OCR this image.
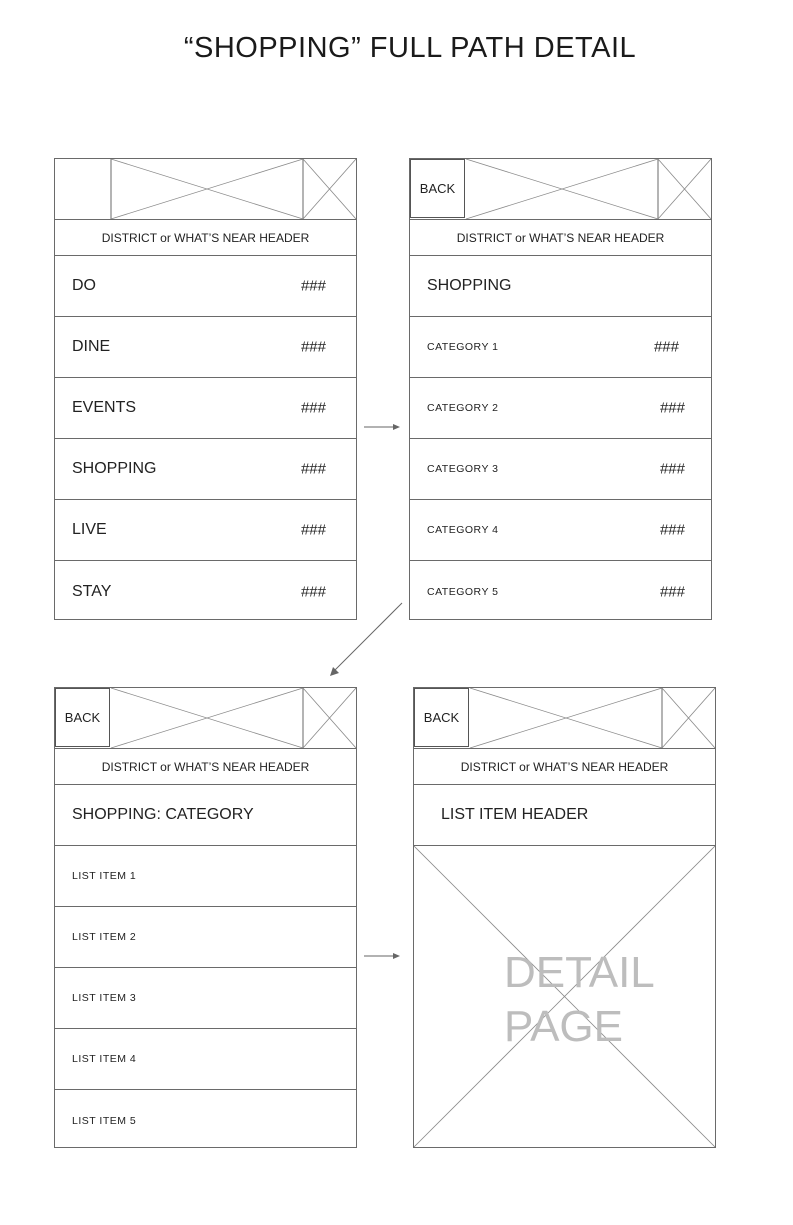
“SHOPPING” FULL PATH DETAIL
DISTRICT or WHAT’S NEAR HEADER
DO	###
DINE	###
EVENTS	###
SHOPPING	###
LIVE	###
STAY	###
BACK
DISTRICT or WHAT’S NEAR HEADER
SHOPPING
CATEGORY 1	###
CATEGORY 2	###
CATEGORY 3	###
CATEGORY 4	###
CATEGORY 5	###
BACK
DISTRICT or WHAT’S NEAR HEADER
SHOPPING: CATEGORY
LIST ITEM 1
LIST ITEM 2
LIST ITEM 3
LIST ITEM 4
LIST ITEM 5
BACK
DISTRICT or WHAT’S NEAR HEADER
LIST ITEM HEADER
DETAIL
PAGE
